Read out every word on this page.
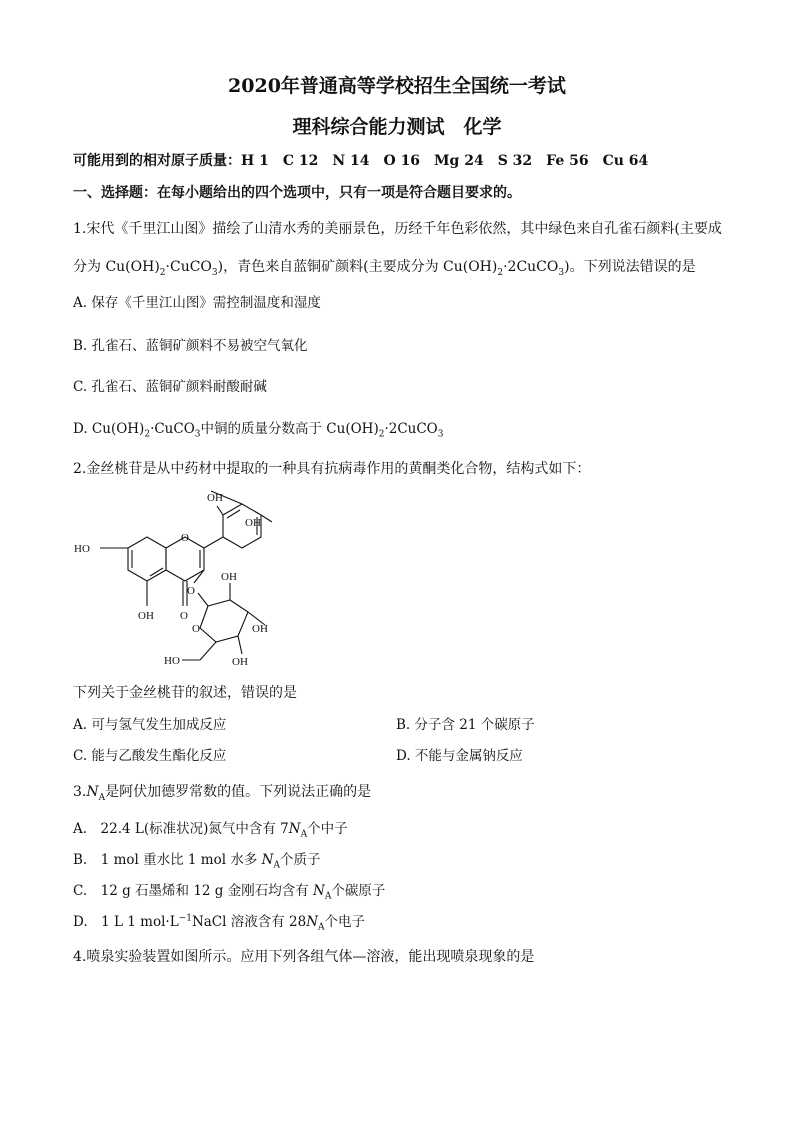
2020年普通高等学校招生全国统一考试
理科综合能力测试　化学
可能用到的相对原子质量：H 1　C 12　N 14　O 16　Mg 24　S 32　Fe 56　Cu 64
一、选择题：在每小题给出的四个选项中，只有一项是符合题目要求的。
1.宋代《千里江山图》描绘了山清水秀的美丽景色，历经千年色彩依然，其中绿色来自孔雀石颜料(主要成
分为 $Cu(OH)_2\cdot CuCO_3$)，青色来自蓝铜矿颜料(主要成分为 $Cu(OH)_2\cdot 2CuCO_3$)。下列说法错误的是
A. 保存《千里江山图》需控制温度和湿度
B. 孔雀石、蓝铜矿颜料不易被空气氧化
C. 孔雀石、蓝铜矿颜料耐酸耐碱
D. $Cu(OH)_2\cdot CuCO_3$中铜的质量分数高于 $Cu(OH)_2\cdot 2CuCO_3$
2.金丝桃苷是从中药材中提取的一种具有抗病毒作用的黄酮类化合物，结构式如下：
HO
OH
O
O
OH
OH
O
O
OH
OH
OH
HO
下列关于金丝桃苷的叙述，错误的是
A. 可与氢气发生加成反应	B. 分子含 21 个碳原子
C. 能与乙酸发生酯化反应	D. 不能与金属钠反应
$3.N_A$是阿伏加德罗常数的值。下列说法正确的是
A.　22.4 L(标准状况)氮气中含有 $7N_A$个中子
B.　1 mol 重水比 1 mol 水多 $N_A$个质子
C.　12 g 石墨烯和 12 g 金刚石均含有 $N_A$个碳原子
D.　1 L 1 $mol\cdot L^{-1}NaCl$ 溶液含有 $28N_A$个电子
4.喷泉实验装置如图所示。应用下列各组气体—溶液，能出现喷泉现象的是
